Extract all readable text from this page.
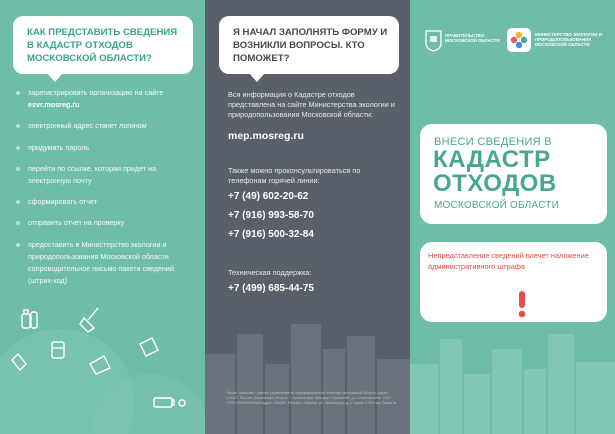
КАК ПРЕДСТАВИТЬ СВЕДЕНИЯ В КАДАСТР ОТХОДОВ МОСКОВСКОЙ ОБЛАСТИ?
зарегистрировать организацию на сайте esvr.mosreg.ru
электронный адрес станет логином
придумать пароль
перейти по ссылке, которая придет на электронную почту
сформировать отчет
отправить отчет на проверку
предоставить в Министерство экологии и природопользования Московской области сопроводительное письмо пакета сведений (штрих-код)
Я НАЧАЛ ЗАПОЛНЯТЬ ФОРМУ И ВОЗНИКЛИ ВОПРОСЫ. КТО ПОМОЖЕТ?
Вся информация о Кадастре отходов представлена на сайте Министерства экологии и природопользования Московской области:
mep.mosreg.ru
Также можно проконсультироваться по телефонам горячей линии:
+7 (49) 602-20-62
+7 (916) 993-58-70
+7 (916) 500-32-84
Техническая поддержка:
+7 (499) 685-44-75
Тираж: Заказчик: Главное управление по информационной политике Московской области Адрес: 143407, Россия, Московская область, г. Красногорск, бульвар Строителей, д. 1 Изготовитель: ООО ОГРН 000000000000 Адрес: 000000, Россия, г. Москва, ул. Примерная, д. 1 Тираж: 0 000 экз. Заказ №
ПРАВИТЕЛЬСТВО МОСКОВСКОЙ ОБЛАСТИ
МИНИСТЕРСТВО ЭКОЛОГИИ И ПРИРОДОПОЛЬЗОВАНИЯ МОСКОВСКОЙ ОБЛАСТИ
ВНЕСИ СВЕДЕНИЯ В
КАДАСТР
ОТХОДОВ
МОСКОВСКОЙ ОБЛАСТИ
Непредставление сведений влечет наложение административного штрафа
